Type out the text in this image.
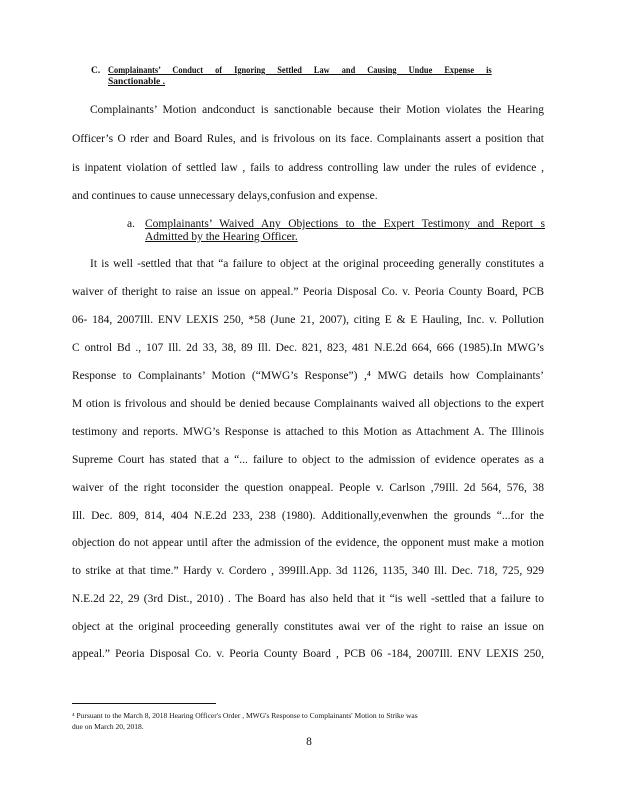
C. Complainants’ Conduct of Ignoring Settled Law and Causing Undue Expense is
Sanctionable .
Complainants’ Motion andconduct is sanctionable because their Motion violates the Hearing
Officer’s O rder and Board Rules, and is frivolous on its face. Complainants assert a position that
is inpatent violation of settled law , fails to address controlling law under the rules of evidence ,
and continues to cause unnecessary delays,confusion and expense.
a. Complainants’ Waived Any Objections to the Expert Testimony and Report s
Admitted by the Hearing Officer.
It is well -settled that that “a failure to object at the original proceeding generally constitutes a
waiver of theright to raise an issue on appeal.” Peoria Disposal Co. v. Peoria County Board, PCB
06- 184, 2007Ill. ENV LEXIS 250, *58 (June 21, 2007), citing E & E Hauling, Inc. v. Pollution
C ontrol Bd ., 107 Ill. 2d 33, 38, 89 Ill. Dec. 821, 823, 481 N.E.2d 664, 666 (1985).In MWG’s
Response to Complainants’ Motion (“MWG’s Response”) ,⁴ MWG details how Complainants’
M otion is frivolous and should be denied because Complainants waived all objections to the expert
testimony and reports. MWG’s Response is attached to this Motion as Attachment A. The Illinois
Supreme Court has stated that a “... failure to object to the admission of evidence operates as a
waiver of the right toconsider the question onappeal. People v. Carlson ,79Ill. 2d 564, 576, 38
Ill. Dec. 809, 814, 404 N.E.2d 233, 238 (1980). Additionally,evenwhen the grounds “...for the
objection do not appear until after the admission of the evidence, the opponent must make a motion
to strike at that time.” Hardy v. Cordero , 399Ill.App. 3d 1126, 1135, 340 Ill. Dec. 718, 725, 929
N.E.2d 22, 29 (3rd Dist., 2010) . The Board has also held that it “is well -settled that a failure to
object at the original proceeding generally constitutes awai ver of the right to raise an issue on
appeal.” Peoria Disposal Co. v. Peoria County Board , PCB 06 -184, 2007Ill. ENV LEXIS 250,
⁴ Pursuant to the March 8, 2018 Hearing Officer's Order , MWG's Response to Complainants' Motion to Strike was
due on March 20, 2018.
8
